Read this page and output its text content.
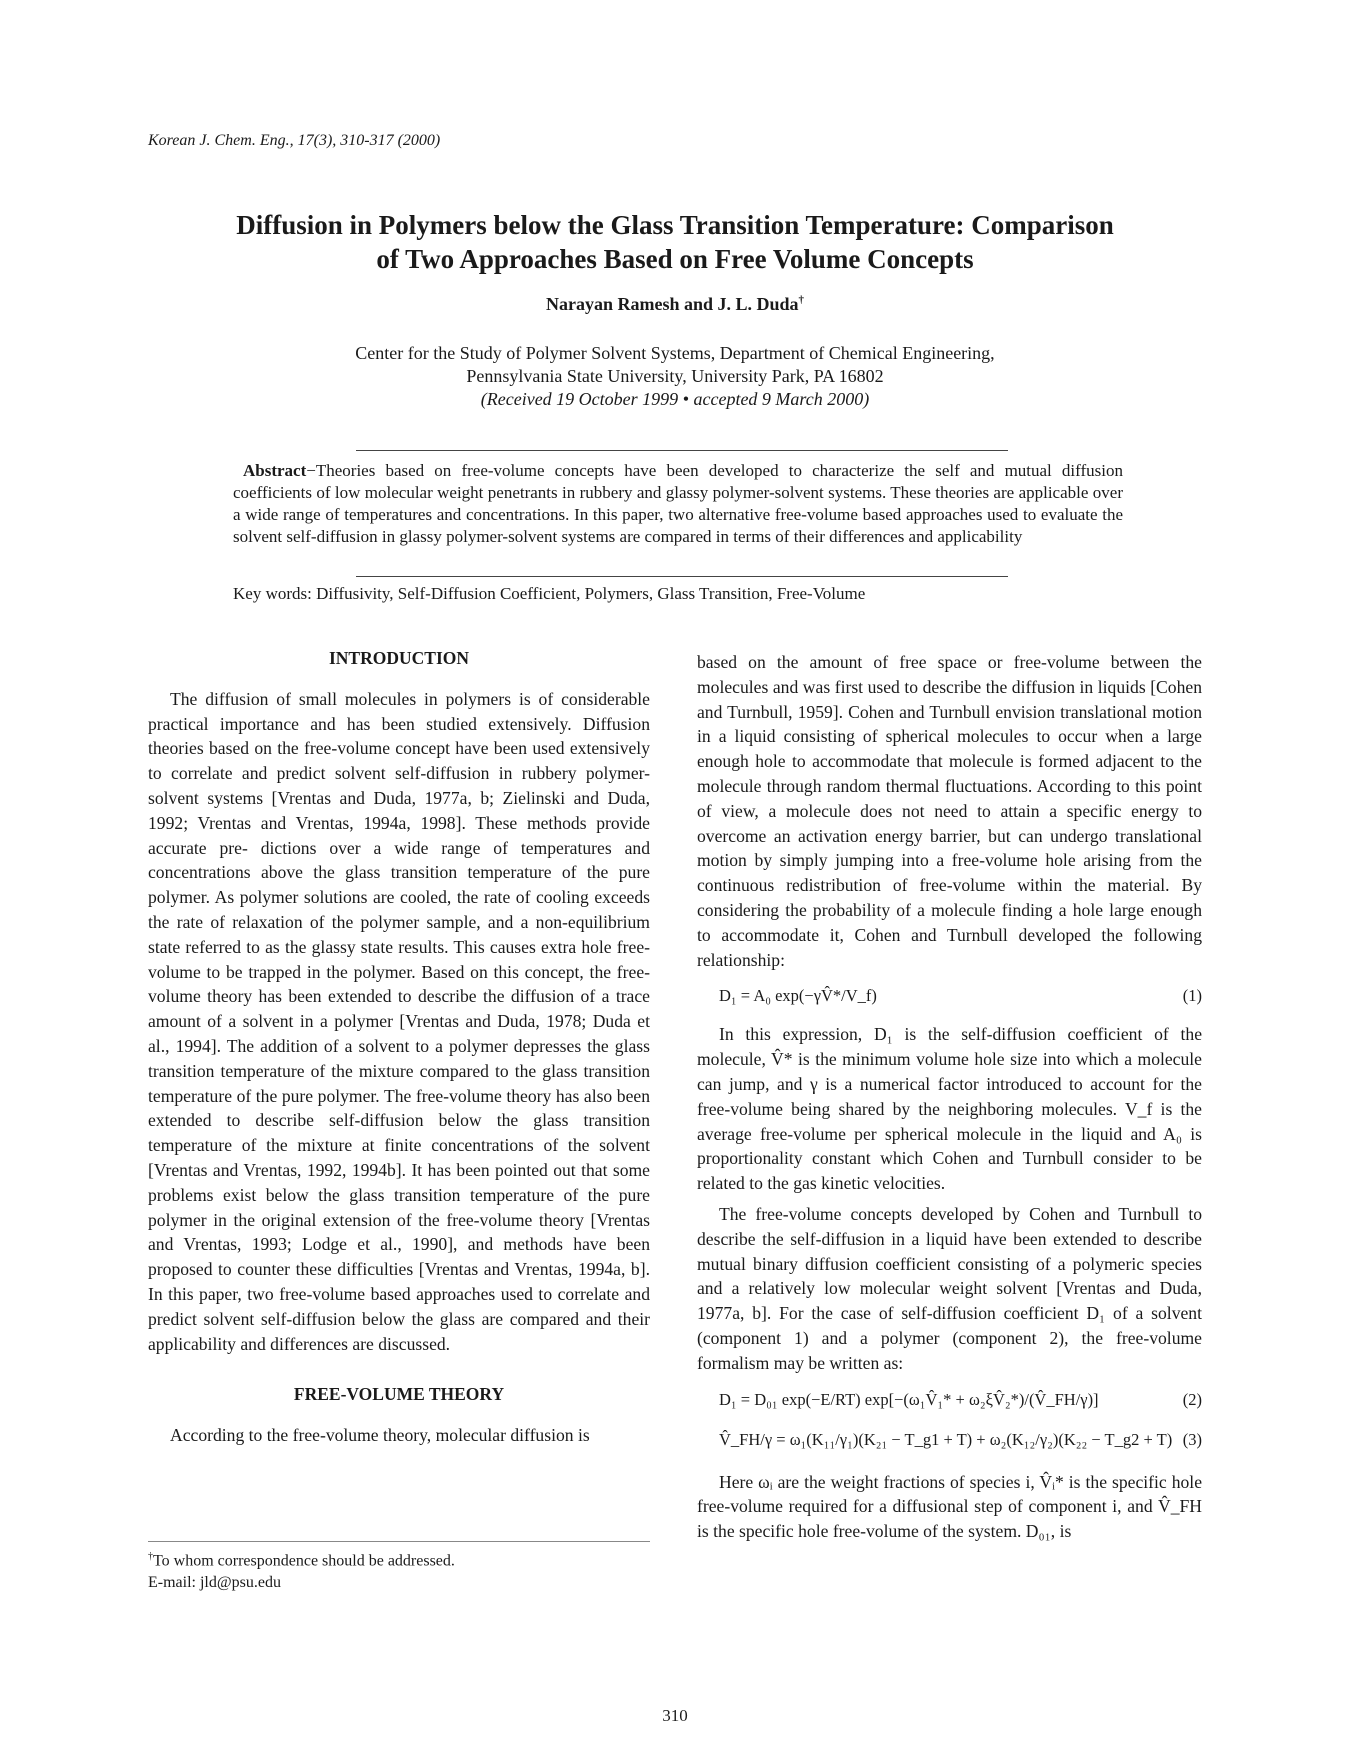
Korean J. Chem. Eng., 17(3), 310-317 (2000)
Diffusion in Polymers below the Glass Transition Temperature: Comparison
of Two Approaches Based on Free Volume Concepts
Narayan Ramesh and J. L. Duda†
Center for the Study of Polymer Solvent Systems, Department of Chemical Engineering,
Pennsylvania State University, University Park, PA 16802
(Received 19 October 1999 • accepted 9 March 2000)
Abstract−Theories based on free-volume concepts have been developed to characterize the self and mutual diffusion coefficients of low molecular weight penetrants in rubbery and glassy polymer-solvent systems. These theories are applicable over a wide range of temperatures and concentrations. In this paper, two alternative free-volume based approaches used to evaluate the solvent self-diffusion in glassy polymer-solvent systems are compared in terms of their differences and applicability
Key words: Diffusivity, Self-Diffusion Coefficient, Polymers, Glass Transition, Free-Volume
INTRODUCTION

The diffusion of small molecules in polymers is of considerable practical importance and has been studied extensively. Diffusion theories based on the free-volume concept have been used extensively to correlate and predict solvent self-diffusion in rubbery polymer-solvent systems [Vrentas and Duda, 1977a, b; Zielinski and Duda, 1992; Vrentas and Vrentas, 1994a, 1998]. These methods provide accurate pre- dictions over a wide range of temperatures and concentrations above the glass transition temperature of the pure polymer. As polymer solutions are cooled, the rate of cooling exceeds the rate of relaxation of the polymer sample, and a non-equilibrium state referred to as the glassy state results. This causes extra hole free-volume to be trapped in the polymer. Based on this concept, the free-volume theory has been extended to describe the diffusion of a trace amount of a solvent in a polymer [Vrentas and Duda, 1978; Duda et al., 1994]. The addition of a solvent to a polymer depresses the glass transition temperature of the mixture compared to the glass transition temperature of the pure polymer. The free-volume theory has also been extended to describe self-diffusion below the glass transition temperature of the mixture at finite concentrations of the solvent [Vrentas and Vrentas, 1992, 1994b]. It has been pointed out that some problems exist below the glass transition temperature of the pure polymer in the original extension of the free-volume theory [Vrentas and Vrentas, 1993; Lodge et al., 1990], and methods have been proposed to counter these difficulties [Vrentas and Vrentas, 1994a, b]. In this paper, two free-volume based approaches used to correlate and predict solvent self-diffusion below the glass are compared and their applicability and differences are discussed.

FREE-VOLUME THEORY

According to the free-volume theory, molecular diffusion is

†To whom correspondence should be addressed.
E-mail: jld@psu.edu

based on the amount of free space or free-volume between the molecules and was first used to describe the diffusion in liquids [Cohen and Turnbull, 1959]. Cohen and Turnbull envision translational motion in a liquid consisting of spherical molecules to occur when a large enough hole to accommodate that molecule is formed adjacent to the molecule through random thermal fluctuations. According to this point of view, a molecule does not need to attain a specific energy to overcome an activation energy barrier, but can undergo translational motion by simply jumping into a free-volume hole arising from the continuous redistribution of free-volume within the material. By considering the probability of a molecule finding a hole large enough to accommodate it, Cohen and Turnbull developed the following relationship:

D₁ = A₀ exp(−γV̂*/V_f)	(1)

In this expression, D₁ is the self-diffusion coefficient of the molecule, V̂* is the minimum volume hole size into which a molecule can jump, and γ is a numerical factor introduced to account for the free-volume being shared by the neighboring molecules. V_f is the average free-volume per spherical molecule in the liquid and A₀ is proportionality constant which Cohen and Turnbull consider to be related to the gas kinetic velocities.

The free-volume concepts developed by Cohen and Turnbull to describe the self-diffusion in a liquid have been extended to describe mutual binary diffusion coefficient consisting of a polymeric species and a relatively low molecular weight solvent [Vrentas and Duda, 1977a, b]. For the case of self-diffusion coefficient D₁ of a solvent (component 1) and a polymer (component 2), the free-volume formalism may be written as:

D₁ = D₀₁ exp(−E/RT) exp[−(ω₁V̂₁* + ω₂ξV̂₂*)/(V̂_FH/γ)]	(2)
V̂_FH/γ = ω₁(K₁₁/γ₁)(K₂₁ − T_g1 + T) + ω₂(K₁₂/γ₂)(K₂₂ − T_g2 + T) (3)

Here ωᵢ are the weight fractions of species i, V̂ᵢ* is the specific hole free-volume required for a diffusional step of component i, and V̂_FH is the specific hole free-volume of the system. D₀₁, is

310
